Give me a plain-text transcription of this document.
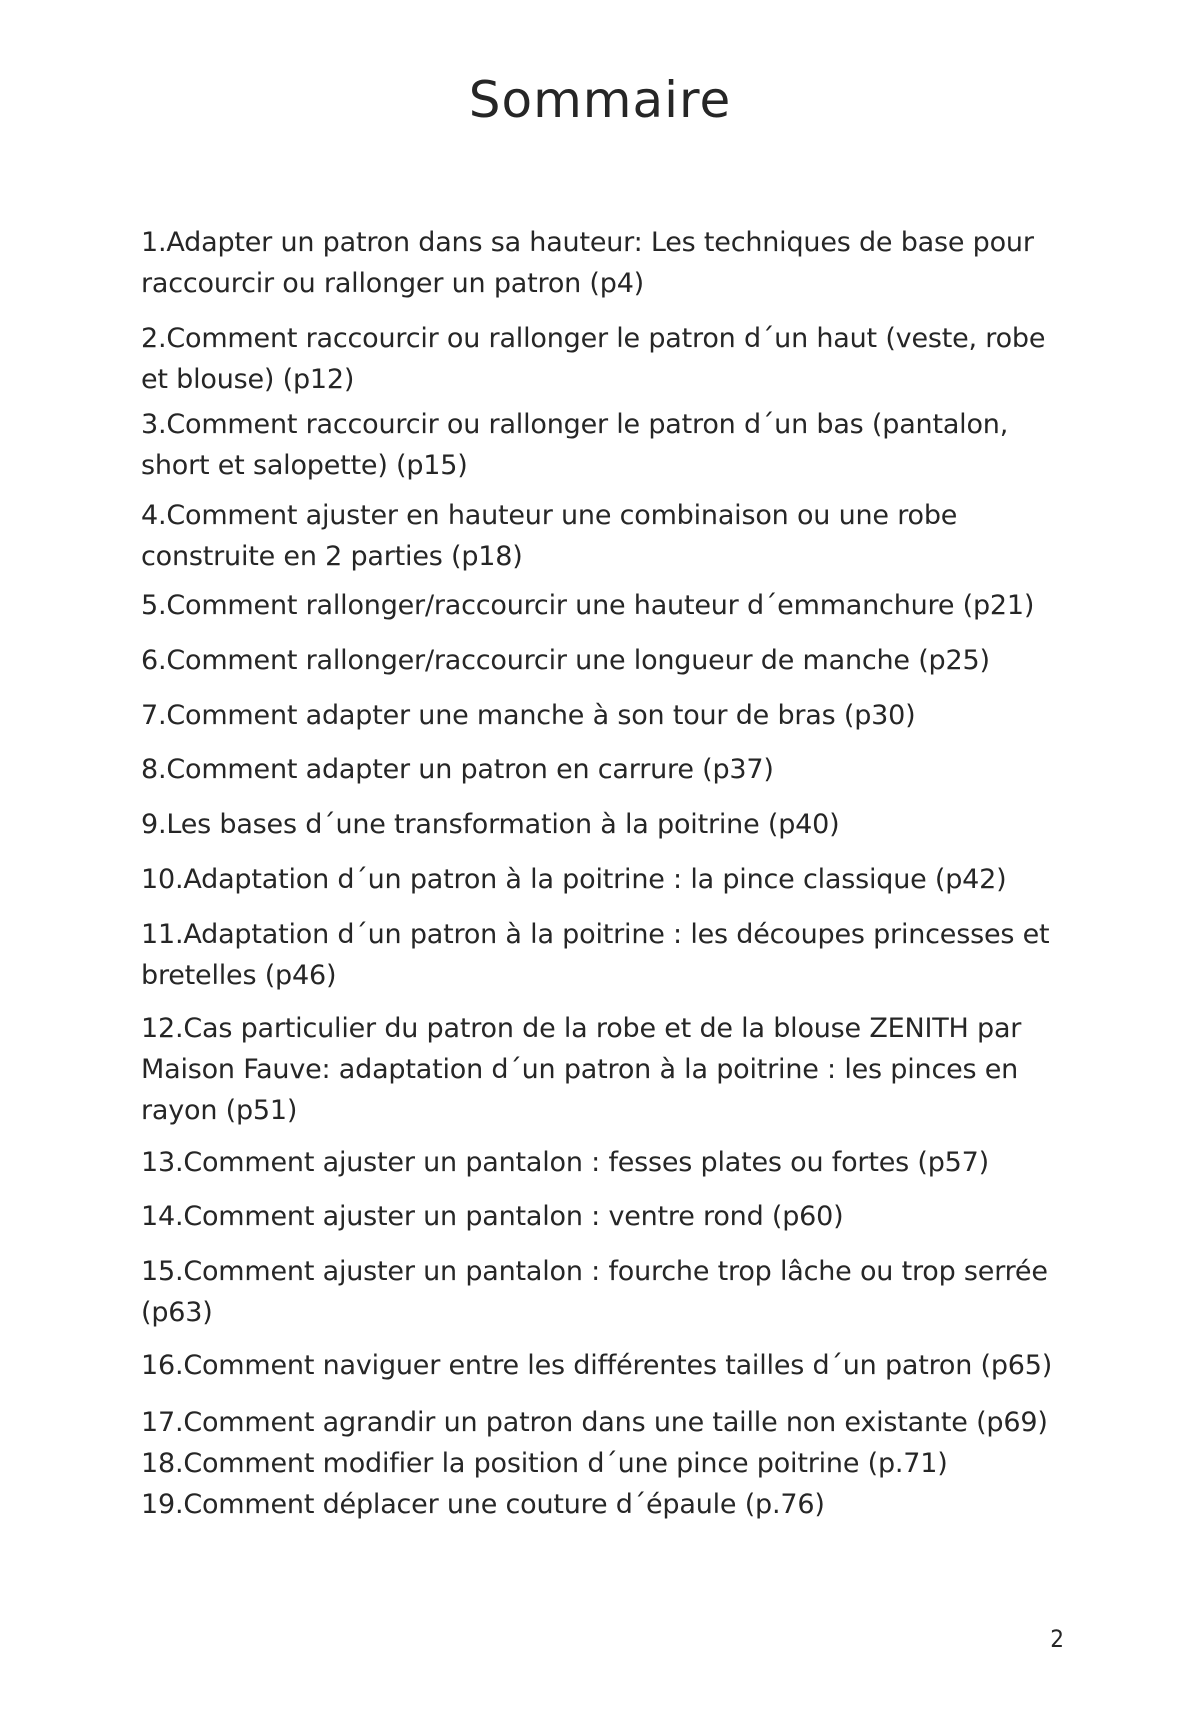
Sommaire
1.Adapter un patron dans sa hauteur: Les techniques de base pour raccourcir ou rallonger un patron (p4)
2.Comment raccourcir ou rallonger le patron d´un haut (veste, robe et blouse) (p12)
3.Comment raccourcir ou rallonger le patron d´un bas (pantalon, short et salopette) (p15)
4.Comment ajuster en hauteur une combinaison ou une robe construite en 2 parties (p18)
5.Comment rallonger/raccourcir une hauteur d´emmanchure (p21)
6.Comment rallonger/raccourcir une longueur de manche (p25)
7.Comment adapter une manche à son tour de bras (p30)
8.Comment adapter un patron en carrure (p37)
9.Les bases d´une transformation à la poitrine (p40)
10.Adaptation d´un patron à la poitrine : la pince classique (p42)
11.Adaptation d´un patron à la poitrine : les découpes princesses et bretelles (p46)
12.Cas particulier du patron de la robe et de la blouse ZENITH par Maison Fauve: adaptation d´un patron à la poitrine : les pinces en rayon (p51)
13.Comment ajuster un pantalon : fesses plates ou fortes (p57)
14.Comment ajuster un pantalon : ventre rond (p60)
15.Comment ajuster un pantalon : fourche trop lâche ou trop serrée (p63)
16.Comment naviguer entre les différentes tailles d´un patron (p65)
17.Comment agrandir un patron dans une taille non existante (p69)
18.Comment modifier la position d´une pince poitrine (p.71)
19.Comment déplacer une couture d´épaule (p.76)
2
